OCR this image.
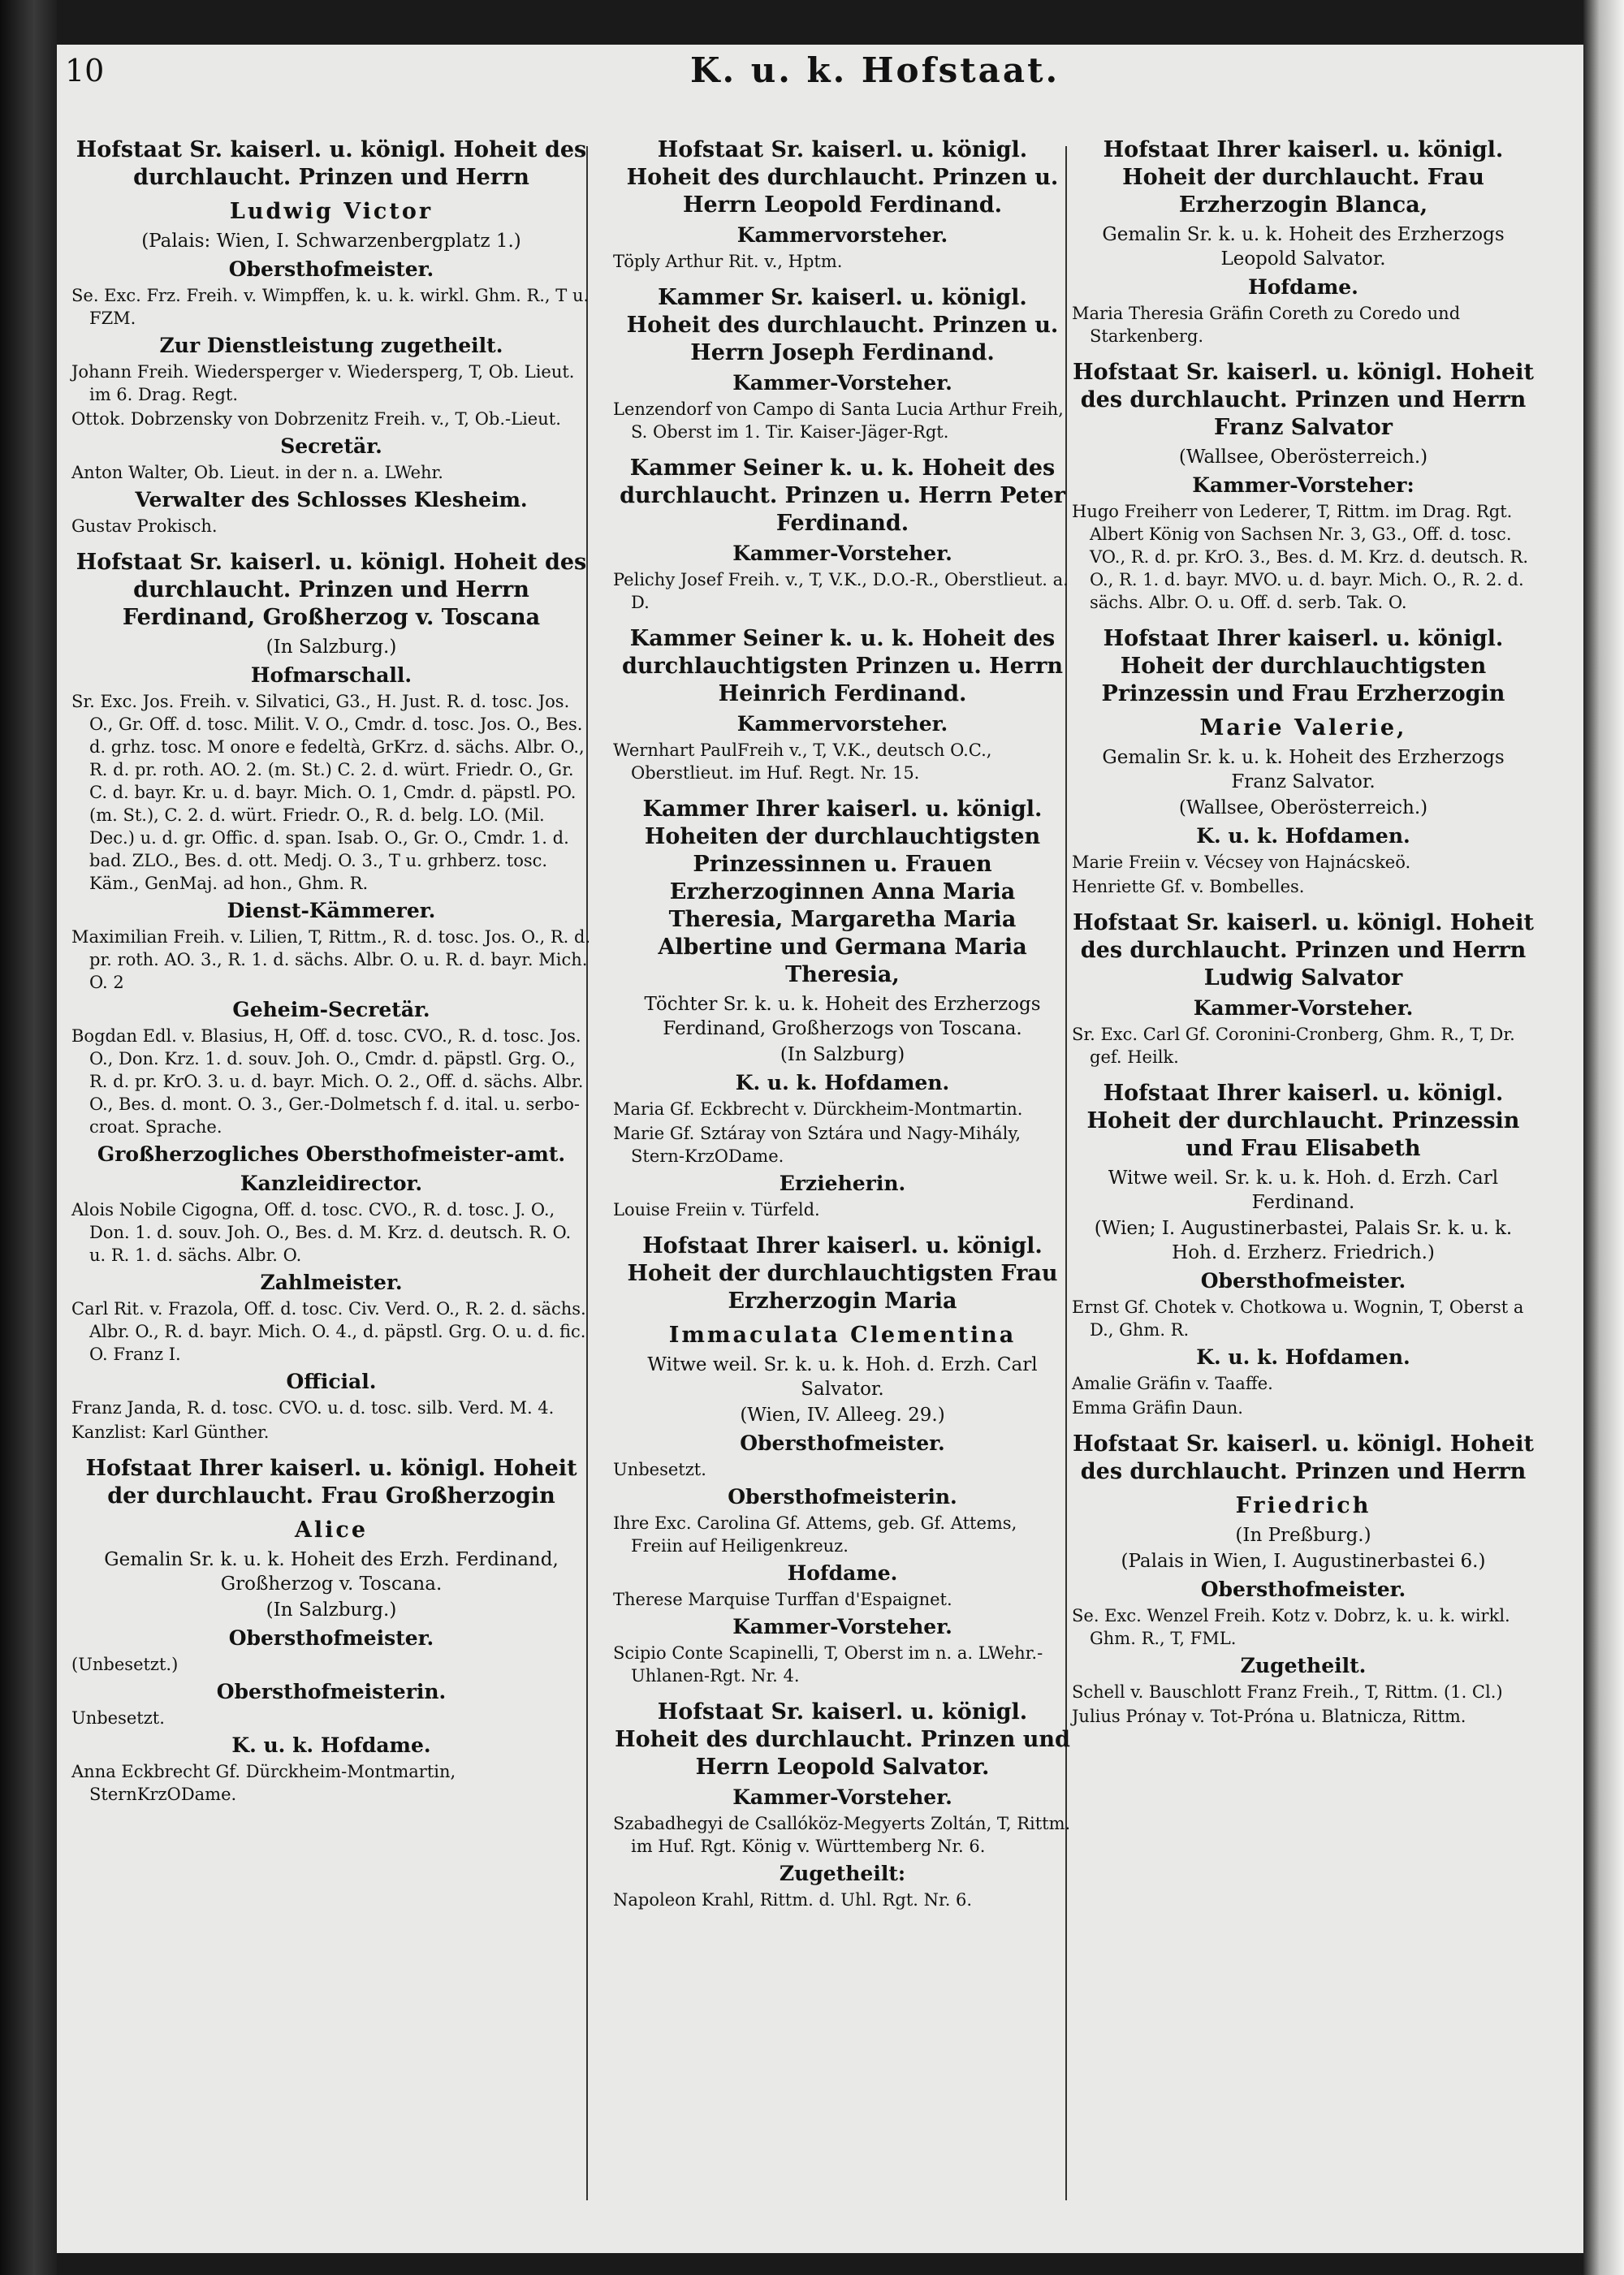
10	K. u. k. Hofstaat.
Hofstaat Sr. kaiserl. u. königl. Hoheit des durchlaucht. Prinzen und Herrn
Ludwig Victor
(Palais: Wien, I. Schwarzenbergplatz 1.)
Obersthofmeister.
Se. Exc. Frz. Freih. v. Wimpffen, k. u. k. wirkl. Ghm. R., T u. FZM.
Zur Dienstleistung zugetheilt.
Johann Freih. Wiedersperger v. Wiedersperg, T, Ob. Lieut. im 6. Drag. Regt.
Ottok. Dobrzensky von Dobrzenitz Freih. v., T, Ob.-Lieut.
Secretär.
Anton Walter, Ob. Lieut. in der n. a. LWehr.
Verwalter des Schlosses Klesheim.
Gustav Prokisch.
Hofstaat Sr. kaiserl. u. königl. Hoheit des durchlaucht. Prinzen und Herrn Ferdinand, Großherzog v. Toscana
(In Salzburg.)
Hofmarschall.
Sr. Exc. Jos. Freih. v. Silvatici, G3., H. Just. R. d. tosc. Jos. O., Gr. Off. d. tosc. Milit. V. O., Cmdr. d. tosc. Jos. O., Bes. d. grhz. tosc. M onore e fedeltà, GrKrz. d. sächs. Albr. O., R. d. pr. roth. AO. 2. (m. St.) C. 2. d. würt. Friedr. O., Gr. C. d. bayr. Kr. u. d. bayr. Mich. O. 1, Cmdr. d. päpstl. PO. (m. St.), C. 2. d. würt. Friedr. O., R. d. belg. LO. (Mil. Dec.) u. d. gr. Offic. d. span. Isab. O., Gr. O., Cmdr. 1. d. bad. ZLO., Bes. d. ott. Medj. O. 3., T u. grhberz. tosc. Käm., GenMaj. ad hon., Ghm. R.
Dienst-Kämmerer.
Maximilian Freih. v. Lilien, T, Rittm., R. d. tosc. Jos. O., R. d. pr. roth. AO. 3., R. 1. d. sächs. Albr. O. u. R. d. bayr. Mich. O. 2
Geheim-Secretär.
Bogdan Edl. v. Blasius, H, Off. d. tosc. CVO., R. d. tosc. Jos. O., Don. Krz. 1. d. souv. Joh. O., Cmdr. d. päpstl. Grg. O., R. d. pr. KrO. 3. u. d. bayr. Mich. O. 2., Off. d. sächs. Albr. O., Bes. d. mont. O. 3., Ger.-Dolmetsch f. d. ital. u. serbo-croat. Sprache.
Großherzogliches Obersthofmeister-amt.
Kanzleidirector.
Alois Nobile Cigogna, Off. d. tosc. CVO., R. d. tosc. J. O., Don. 1. d. souv. Joh. O., Bes. d. M. Krz. d. deutsch. R. O. u. R. 1. d. sächs. Albr. O.
Zahlmeister.
Carl Rit. v. Frazola, Off. d. tosc. Civ. Verd. O., R. 2. d. sächs. Albr. O., R. d. bayr. Mich. O. 4., d. päpstl. Grg. O. u. d. fic. O. Franz I.
Official.
Franz Janda, R. d. tosc. CVO. u. d. tosc. silb. Verd. M. 4.
Kanzlist: Karl Günther.
Hofstaat Ihrer kaiserl. u. königl. Hoheit der durchlaucht. Frau Großherzogin
Alice
Gemalin Sr. k. u. k. Hoheit des Erzh. Ferdinand, Großherzog v. Toscana.
(In Salzburg.)
Obersthofmeister.
(Unbesetzt.)
Obersthofmeisterin.
Unbesetzt.
K. u. k. Hofdame.
Anna Eckbrecht Gf. Dürckheim-Montmartin, SternKrzODame.
Hofstaat Sr. kaiserl. u. königl. Hoheit des durchlaucht. Prinzen u. Herrn Leopold Ferdinand.
Kammervorsteher.
Töply Arthur Rit. v., Hptm.
Kammer Sr. kaiserl. u. königl. Hoheit des durchlaucht. Prinzen u. Herrn Joseph Ferdinand.
Kammer-Vorsteher.
Lenzendorf von Campo di Santa Lucia Arthur Freih, S. Oberst im 1. Tir. Kaiser-Jäger-Rgt.
Kammer Seiner k. u. k. Hoheit des durchlaucht. Prinzen u. Herrn Peter Ferdinand.
Kammer-Vorsteher.
Pelichy Josef Freih. v., T, V.K., D.O.-R., Oberstlieut. a. D.
Kammer Seiner k. u. k. Hoheit des durchlauchtigsten Prinzen u. Herrn Heinrich Ferdinand.
Kammervorsteher.
Wernhart PaulFreih v., T, V.K., deutsch O.C., Oberstlieut. im Huf. Regt. Nr. 15.
Kammer Ihrer kaiserl. u. königl. Hoheiten der durchlauchtigsten Prinzessinnen u. Frauen Erzherzoginnen Anna Maria Theresia, Margaretha Maria Albertine und Germana Maria Theresia,
Töchter Sr. k. u. k. Hoheit des Erzherzogs Ferdinand, Großherzogs von Toscana.
(In Salzburg)
K. u. k. Hofdamen.
Maria Gf. Eckbrecht v. Dürckheim-Montmartin.
Marie Gf. Sztáray von Sztára und Nagy-Mihály, Stern-KrzODame.
Erzieherin.
Louise Freiin v. Türfeld.
Hofstaat Ihrer kaiserl. u. königl. Hoheit der durchlauchtigsten Frau Erzherzogin Maria
Immaculata Clementina
Witwe weil. Sr. k. u. k. Hoh. d. Erzh. Carl Salvator.
(Wien, IV. Alleeg. 29.)
Obersthofmeister.
Unbesetzt.
Obersthofmeisterin.
Ihre Exc. Carolina Gf. Attems, geb. Gf. Attems, Freiin auf Heiligenkreuz.
Hofdame.
Therese Marquise Turffan d'Espaignet.
Kammer-Vorsteher.
Scipio Conte Scapinelli, T, Oberst im n. a. LWehr.-Uhlanen-Rgt. Nr. 4.
Hofstaat Sr. kaiserl. u. königl. Hoheit des durchlaucht. Prinzen und Herrn Leopold Salvator.
Kammer-Vorsteher.
Szabadhegyi de Csallóköz-Megyerts Zoltán, T, Rittm. im Huf. Rgt. König v. Württemberg Nr. 6.
Zugetheilt:
Napoleon Krahl, Rittm. d. Uhl. Rgt. Nr. 6.
Hofstaat Ihrer kaiserl. u. königl. Hoheit der durchlaucht. Frau Erzherzogin Blanca,
Gemalin Sr. k. u. k. Hoheit des Erzherzogs Leopold Salvator.
Hofdame.
Maria Theresia Gräfin Coreth zu Coredo und Starkenberg.
Hofstaat Sr. kaiserl. u. königl. Hoheit des durchlaucht. Prinzen und Herrn Franz Salvator
(Wallsee, Oberösterreich.)
Kammer-Vorsteher:
Hugo Freiherr von Lederer, T, Rittm. im Drag. Rgt. Albert König von Sachsen Nr. 3, G3., Off. d. tosc. VO., R. d. pr. KrO. 3., Bes. d. M. Krz. d. deutsch. R. O., R. 1. d. bayr. MVO. u. d. bayr. Mich. O., R. 2. d. sächs. Albr. O. u. Off. d. serb. Tak. O.
Hofstaat Ihrer kaiserl. u. königl. Hoheit der durchlauchtigsten Prinzessin und Frau Erzherzogin
Marie Valerie,
Gemalin Sr. k. u. k. Hoheit des Erzherzogs Franz Salvator.
(Wallsee, Oberösterreich.)
K. u. k. Hofdamen.
Marie Freiin v. Vécsey von Hajnácskeö.
Henriette Gf. v. Bombelles.
Hofstaat Sr. kaiserl. u. königl. Hoheit des durchlaucht. Prinzen und Herrn Ludwig Salvator
Kammer-Vorsteher.
Sr. Exc. Carl Gf. Coronini-Cronberg, Ghm. R., T, Dr. gef. Heilk.
Hofstaat Ihrer kaiserl. u. königl. Hoheit der durchlaucht. Prinzessin und Frau Elisabeth
Witwe weil. Sr. k. u. k. Hoh. d. Erzh. Carl Ferdinand.
(Wien; I. Augustinerbastei, Palais Sr. k. u. k. Hoh. d. Erzherz. Friedrich.)
Obersthofmeister.
Ernst Gf. Chotek v. Chotkowa u. Wognin, T, Oberst a D., Ghm. R.
K. u. k. Hofdamen.
Amalie Gräfin v. Taaffe.
Emma Gräfin Daun.
Hofstaat Sr. kaiserl. u. königl. Hoheit des durchlaucht. Prinzen und Herrn
Friedrich
(In Preßburg.)
(Palais in Wien, I. Augustinerbastei 6.)
Obersthofmeister.
Se. Exc. Wenzel Freih. Kotz v. Dobrz, k. u. k. wirkl. Ghm. R., T, FML.
Zugetheilt.
Schell v. Bauschlott Franz Freih., T, Rittm. (1. Cl.)
Julius Prónay v. Tot-Próna u. Blatnicza, Rittm.
